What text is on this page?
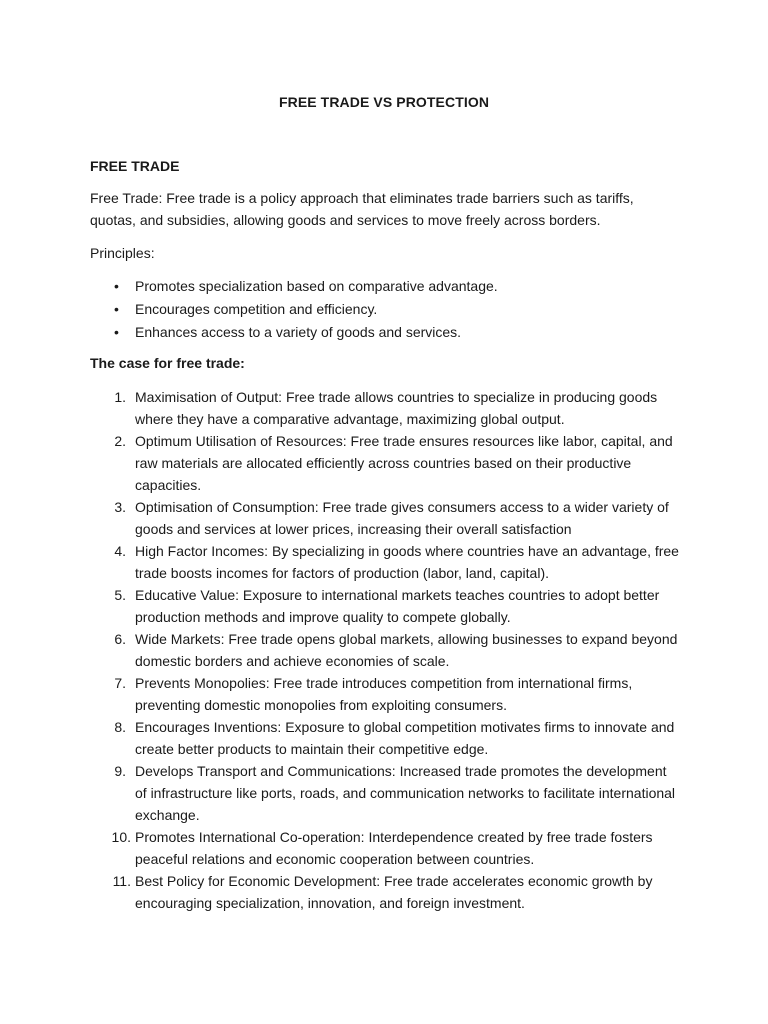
FREE TRADE VS PROTECTION
FREE TRADE

Free Trade: Free trade is a policy approach that eliminates trade barriers such as tariffs, quotas, and subsidies, allowing goods and services to move freely across borders.

Principles:

• Promotes specialization based on comparative advantage.
• Encourages competition and efficiency.
• Enhances access to a variety of goods and services.
The case for free trade:
1. Maximisation of Output: Free trade allows countries to specialize in producing goods where they have a comparative advantage, maximizing global output.
2. Optimum Utilisation of Resources: Free trade ensures resources like labor, capital, and raw materials are allocated efficiently across countries based on their productive capacities.
3. Optimisation of Consumption: Free trade gives consumers access to a wider variety of goods and services at lower prices, increasing their overall satisfaction
4. High Factor Incomes: By specializing in goods where countries have an advantage, free trade boosts incomes for factors of production (labor, land, capital).
5. Educative Value: Exposure to international markets teaches countries to adopt better production methods and improve quality to compete globally.
6. Wide Markets: Free trade opens global markets, allowing businesses to expand beyond domestic borders and achieve economies of scale.
7. Prevents Monopolies: Free trade introduces competition from international firms, preventing domestic monopolies from exploiting consumers.
8. Encourages Inventions: Exposure to global competition motivates firms to innovate and create better products to maintain their competitive edge.
9. Develops Transport and Communications: Increased trade promotes the development of infrastructure like ports, roads, and communication networks to facilitate international exchange.
10. Promotes International Co-operation: Interdependence created by free trade fosters peaceful relations and economic cooperation between countries.
11. Best Policy for Economic Development: Free trade accelerates economic growth by encouraging specialization, innovation, and foreign investment.
